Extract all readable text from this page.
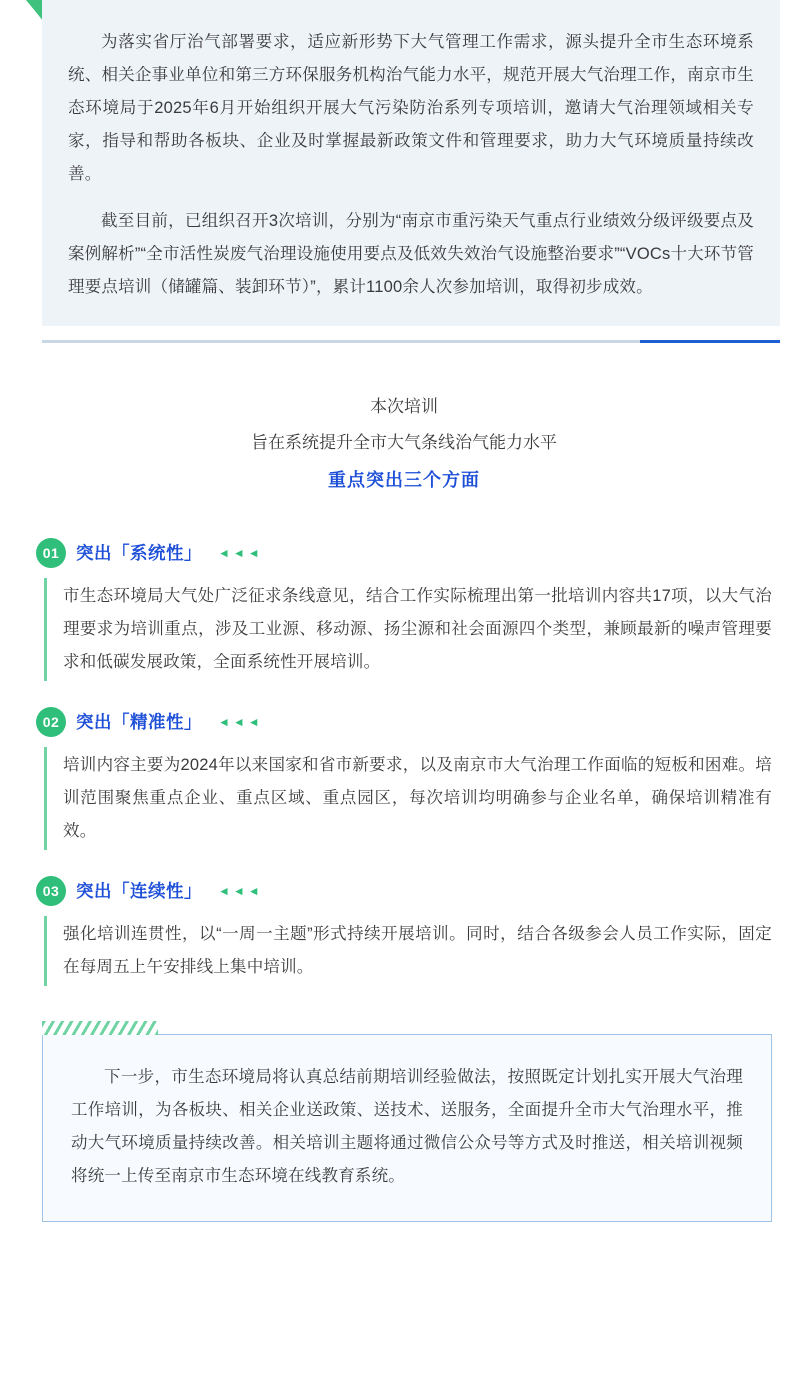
为落实省厅治气部署要求，适应新形势下大气管理工作需求，源头提升全市生态环境系统、相关企事业单位和第三方环保服务机构治气能力水平，规范开展大气治理工作，南京市生态环境局于2025年6月开始组织开展大气污染防治系列专项培训，邀请大气治理领域相关专家，指导和帮助各板块、企业及时掌握最新政策文件和管理要求，助力大气环境质量持续改善。

截至目前，已组织召开3次培训，分别为“南京市重污染天气重点行业绩效分级评级要点及案例解析”“全市活性炭废气治理设施使用要点及低效失效治气设施整治要求”“VOCs十大环节管理要点培训（储罐篇、装卸环节）”，累计1100余人次参加培训，取得初步成效。

本次培训
旨在系统提升全市大气条线治气能力水平
重点突出三个方面
01 突出「系统性」 ◄◄◄

市生态环境局大气处广泛征求条线意见，结合工作实际梳理出第一批培训内容共17项，以大气治理要求为培训重点，涉及工业源、移动源、扬尘源和社会面源四个类型，兼顾最新的噪声管理要求和低碳发展政策，全面系统性开展培训。

02 突出「精准性」 ◄◄◄

培训内容主要为2024年以来国家和省市新要求，以及南京市大气治理工作面临的短板和困难。培训范围聚焦重点企业、重点区域、重点园区，每次培训均明确参与企业名单，确保培训精准有效。

03 突出「连续性」 ◄◄◄

强化培训连贯性，以“一周一主题”形式持续开展培训。同时，结合各级参会人员工作实际，固定在每周五上午安排线上集中培训。

下一步，市生态环境局将认真总结前期培训经验做法，按照既定计划扎实开展大气治理工作培训，为各板块、相关企业送政策、送技术、送服务，全面提升全市大气治理水平，推动大气环境质量持续改善。相关培训主题将通过微信公众号等方式及时推送，相关培训视频将统一上传至南京市生态环境在线教育系统。
